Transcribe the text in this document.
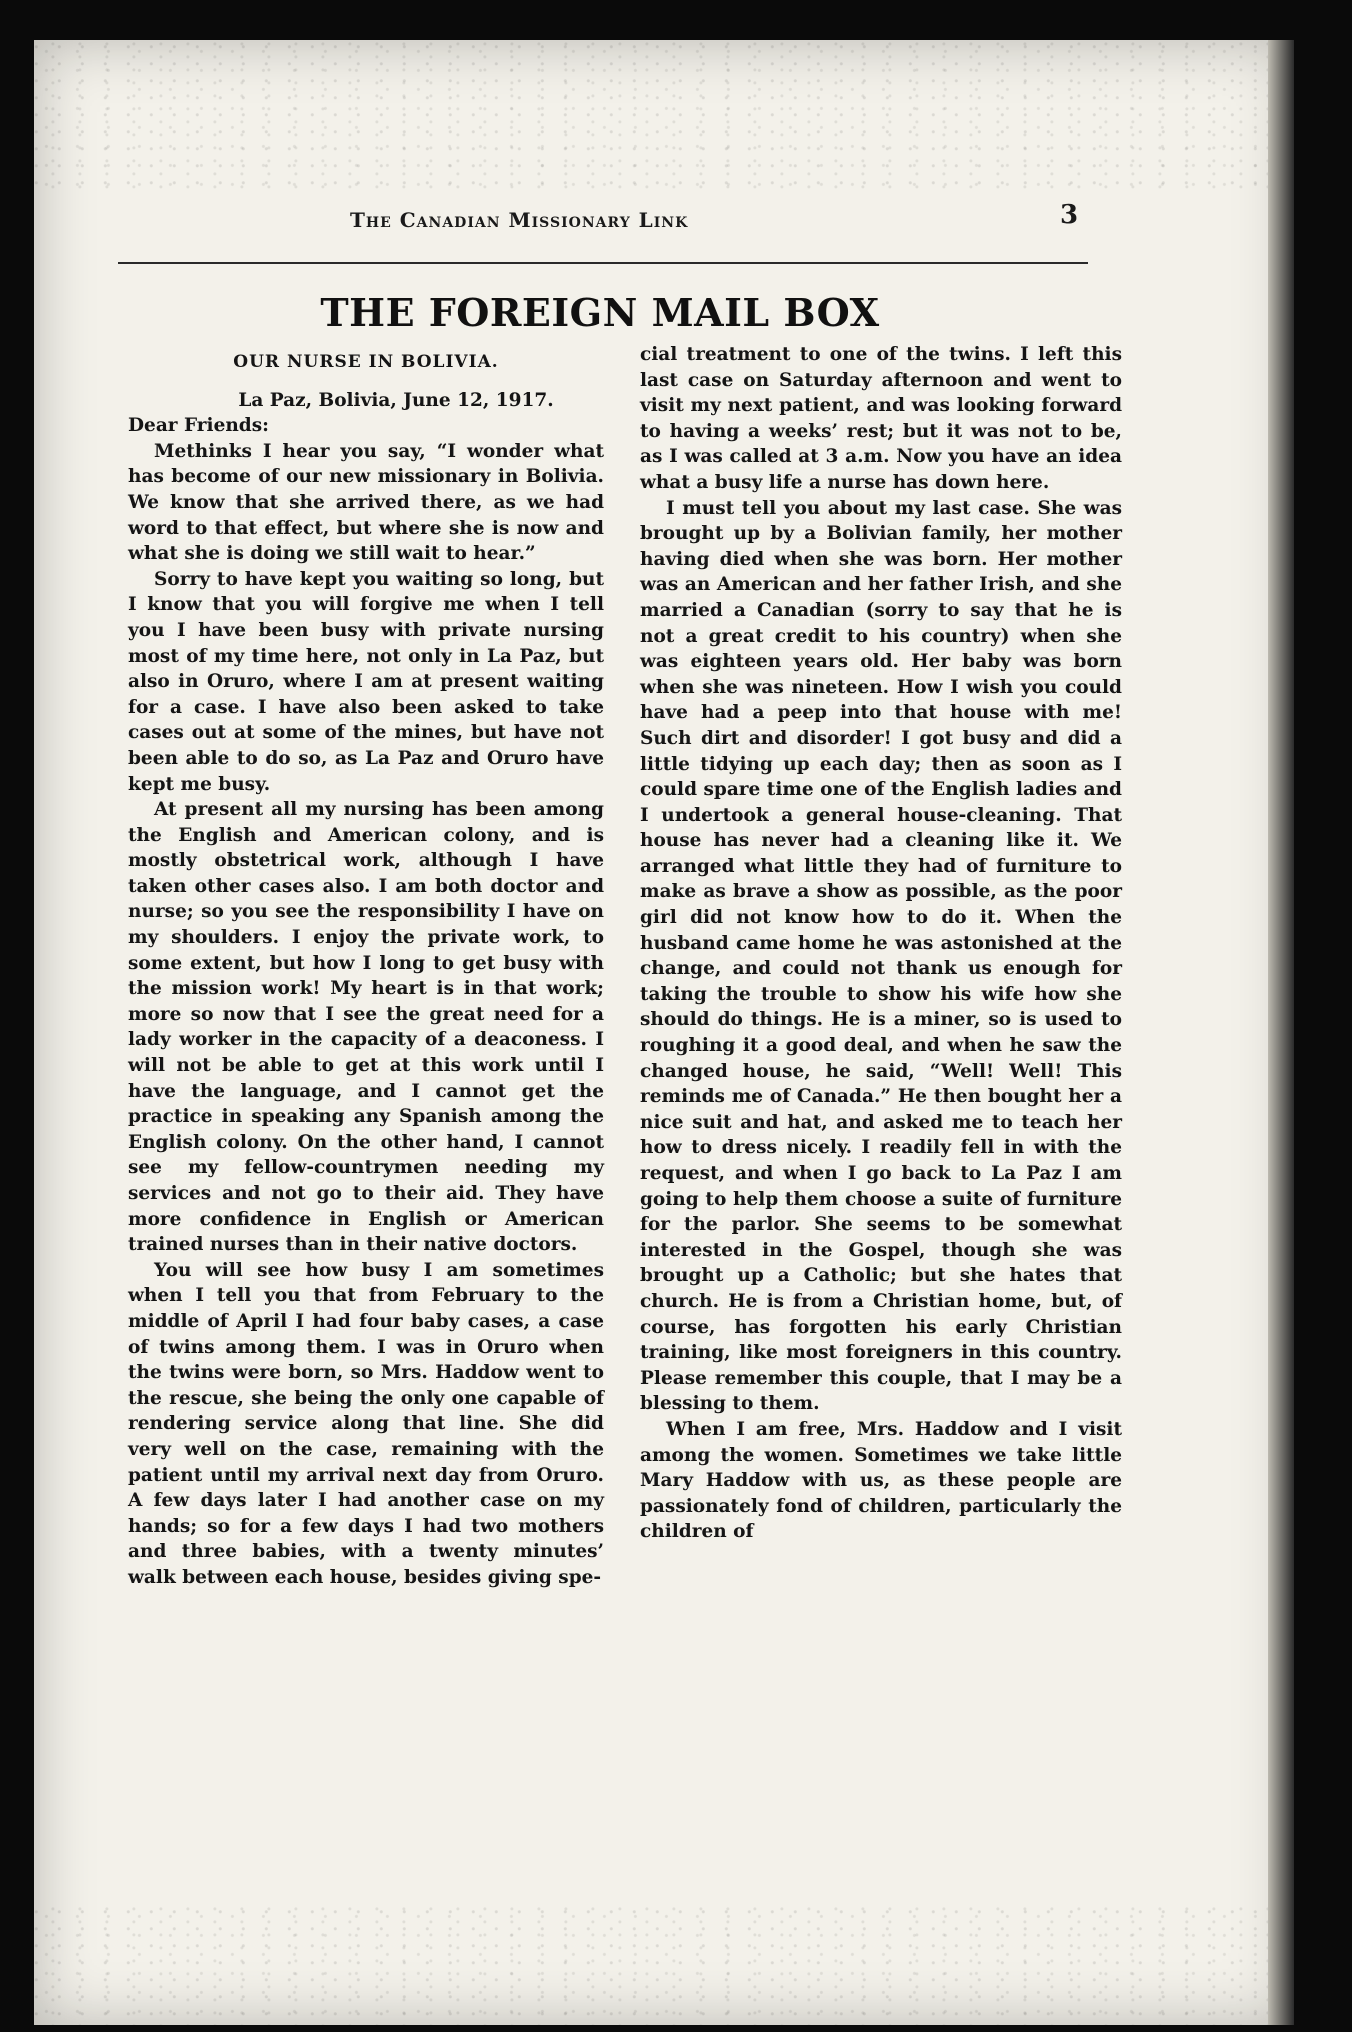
The Canadian Missionary Link	3
THE FOREIGN MAIL BOX

OUR NURSE IN BOLIVIA.

La Paz, Bolivia, June 12, 1917.

Dear Friends:

Methinks I hear you say, “I wonder what has become of our new missionary in Bolivia. We know that she arrived there, as we had word to that effect, but where she is now and what she is doing we still wait to hear.”

Sorry to have kept you waiting so long, but I know that you will forgive me when I tell you I have been busy with private nursing most of my time here, not only in La Paz, but also in Oruro, where I am at present waiting for a case. I have also been asked to take cases out at some of the mines, but have not been able to do so, as La Paz and Oruro have kept me busy.

At present all my nursing has been among the English and American colony, and is mostly obstetrical work, although I have taken other cases also. I am both doctor and nurse; so you see the responsibility I have on my shoulders. I enjoy the private work, to some extent, but how I long to get busy with the mission work! My heart is in that work; more so now that I see the great need for a lady worker in the capacity of a deaconess. I will not be able to get at this work until I have the language, and I cannot get the practice in speaking any Spanish among the English colony. On the other hand, I cannot see my fellow-countrymen needing my services and not go to their aid. They have more confidence in English or American trained nurses than in their native doctors.

You will see how busy I am sometimes when I tell you that from February to the middle of April I had four baby cases, a case of twins among them. I was in Oruro when the twins were born, so Mrs. Haddow went to the rescue, she being the only one capable of rendering service along that line. She did very well on the case, remaining with the patient until my arrival next day from Oruro. A few days later I had another case on my hands; so for a few days I had two mothers and three babies, with a twenty minutes’ walk between each house, besides giving spe-

cial treatment to one of the twins. I left this last case on Saturday afternoon and went to visit my next patient, and was looking forward to having a weeks’ rest; but it was not to be, as I was called at 3 a.m. Now you have an idea what a busy life a nurse has down here.

I must tell you about my last case. She was brought up by a Bolivian family, her mother having died when she was born. Her mother was an American and her father Irish, and she married a Canadian (sorry to say that he is not a great credit to his country) when she was eighteen years old. Her baby was born when she was nineteen. How I wish you could have had a peep into that house with me! Such dirt and disorder! I got busy and did a little tidying up each day; then as soon as I could spare time one of the English ladies and I undertook a general house-cleaning. That house has never had a cleaning like it. We arranged what little they had of furniture to make as brave a show as possible, as the poor girl did not know how to do it. When the husband came home he was astonished at the change, and could not thank us enough for taking the trouble to show his wife how she should do things. He is a miner, so is used to roughing it a good deal, and when he saw the changed house, he said, “Well! Well! This reminds me of Canada.” He then bought her a nice suit and hat, and asked me to teach her how to dress nicely. I readily fell in with the request, and when I go back to La Paz I am going to help them choose a suite of furniture for the parlor. She seems to be somewhat interested in the Gospel, though she was brought up a Catholic; but she hates that church. He is from a Christian home, but, of course, has forgotten his early Christian training, like most foreigners in this country. Please remember this couple, that I may be a blessing to them.

When I am free, Mrs. Haddow and I visit among the women. Sometimes we take little Mary Haddow with us, as these people are passionately fond of children, particularly the children of
